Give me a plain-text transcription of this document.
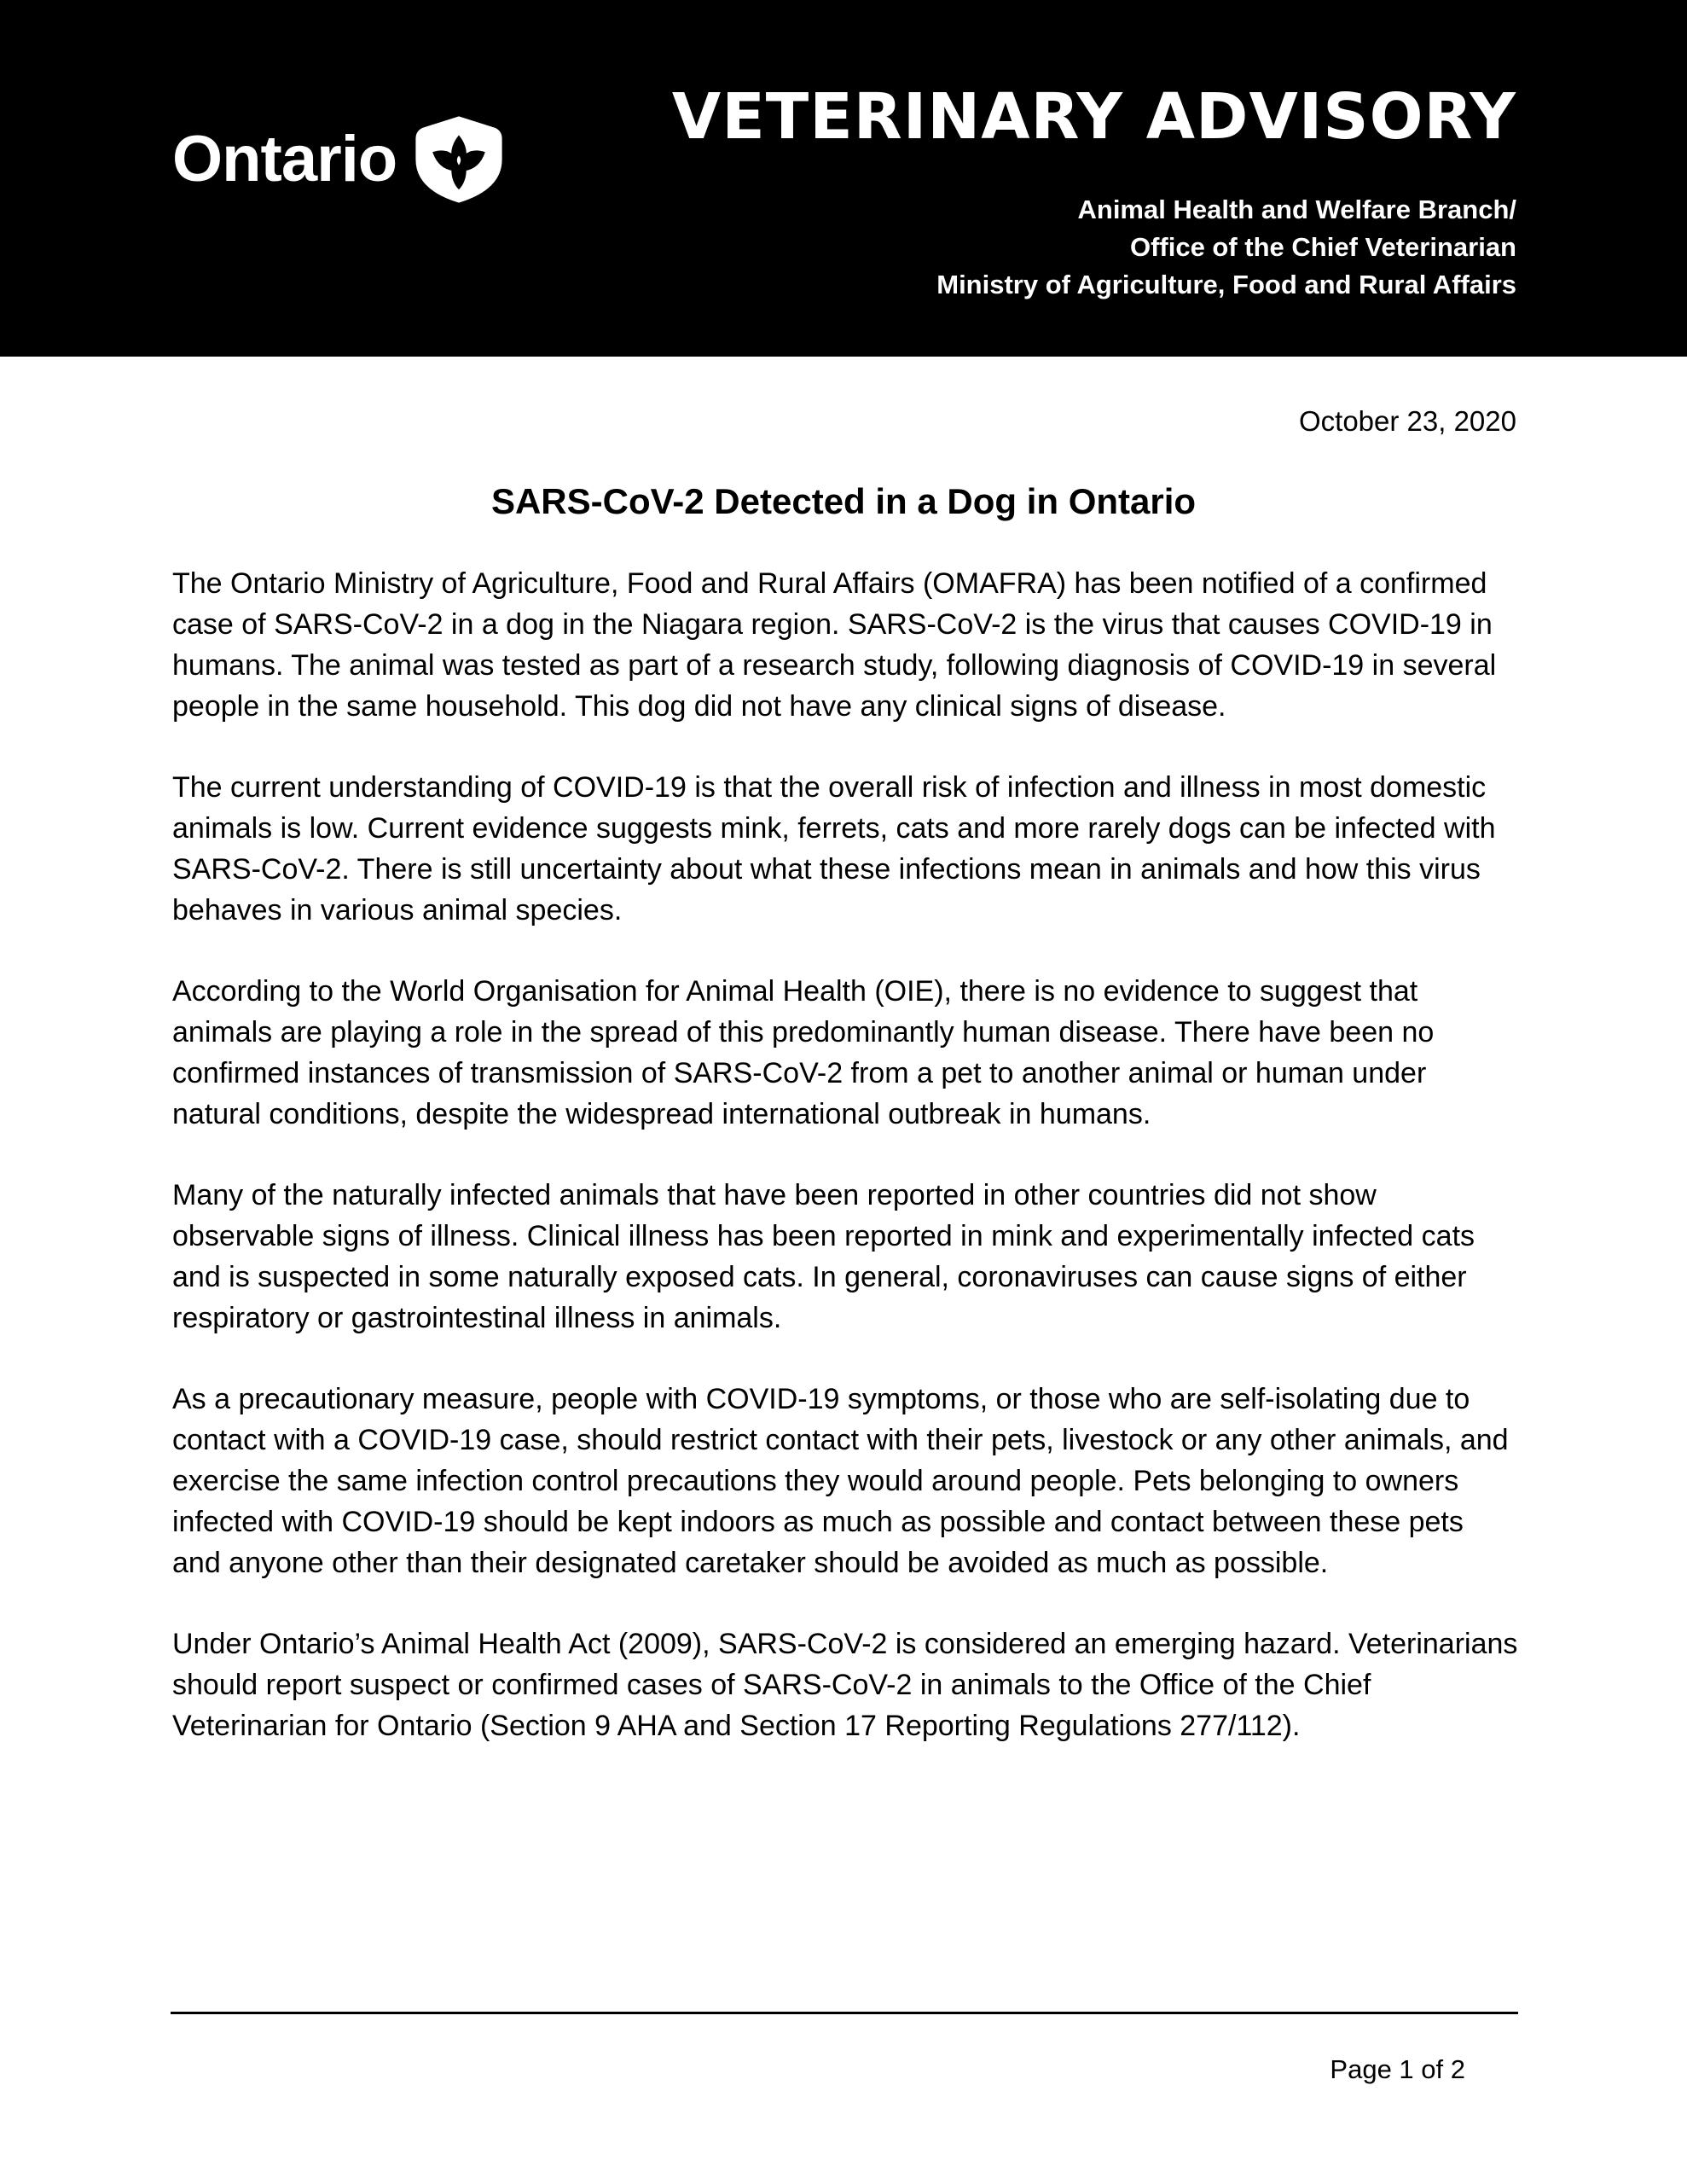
Ontario
VETERINARY ADVISORY
Animal Health and Welfare Branch/
Office of the Chief Veterinarian
Ministry of Agriculture, Food and Rural Affairs
October 23, 2020
SARS-CoV-2 Detected in a Dog in Ontario

The Ontario Ministry of Agriculture, Food and Rural Affairs (OMAFRA) has been notified of a confirmed case of SARS-CoV-2 in a dog in the Niagara region. SARS-CoV-2 is the virus that causes COVID-19 in humans. The animal was tested as part of a research study, following diagnosis of COVID-19 in several people in the same household. This dog did not have any clinical signs of disease.

The current understanding of COVID-19 is that the overall risk of infection and illness in most domestic animals is low. Current evidence suggests mink, ferrets, cats and more rarely dogs can be infected with SARS-CoV-2. There is still uncertainty about what these infections mean in animals and how this virus behaves in various animal species.

According to the World Organisation for Animal Health (OIE), there is no evidence to suggest that animals are playing a role in the spread of this predominantly human disease. There have been no confirmed instances of transmission of SARS-CoV-2 from a pet to another animal or human under natural conditions, despite the widespread international outbreak in humans.

Many of the naturally infected animals that have been reported in other countries did not show observable signs of illness. Clinical illness has been reported in mink and experimentally infected cats and is suspected in some naturally exposed cats. In general, coronaviruses can cause signs of either respiratory or gastrointestinal illness in animals.

As a precautionary measure, people with COVID-19 symptoms, or those who are self-isolating due to contact with a COVID-19 case, should restrict contact with their pets, livestock or any other animals, and exercise the same infection control precautions they would around people. Pets belonging to owners infected with COVID-19 should be kept indoors as much as possible and contact between these pets and anyone other than their designated caretaker should be avoided as much as possible.

Under Ontario’s Animal Health Act (2009), SARS-CoV-2 is considered an emerging hazard. Veterinarians should report suspect or confirmed cases of SARS-CoV-2 in animals to the Office of the Chief Veterinarian for Ontario (Section 9 AHA and Section 17 Reporting Regulations 277/112).

Page 1 of 2
